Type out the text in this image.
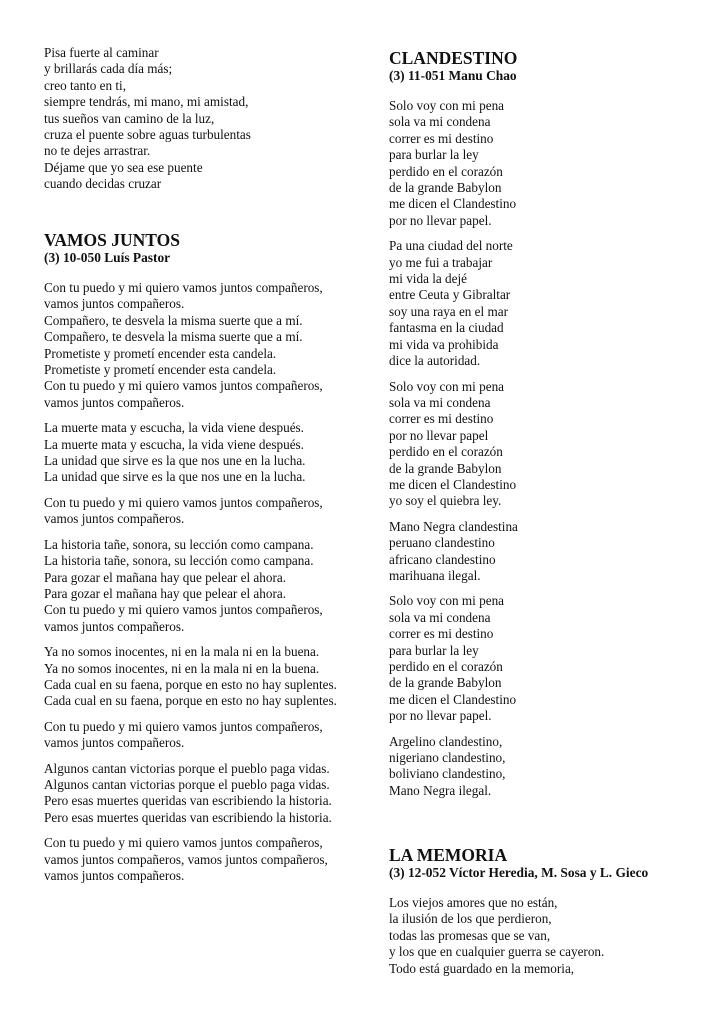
Pisa fuerte al caminar
y brillarás cada día más;
creo tanto en ti,
siempre tendrás, mi mano, mi amistad,
tus sueños van camino de la luz,
cruza el puente sobre aguas turbulentas
no te dejes arrastrar.
Déjame que yo sea ese puente
cuando decidas cruzar
VAMOS JUNTOS
(3) 10-050 Luís Pastor
Con tu puedo y mi quiero vamos juntos compañeros,
vamos juntos compañeros.
Compañero, te desvela la misma suerte que a mí.
Compañero, te desvela la misma suerte que a mí.
Prometiste y prometí encender esta candela.
Prometiste y prometí encender esta candela.
Con tu puedo y mi quiero vamos juntos compañeros,
vamos juntos compañeros.
La muerte mata y escucha, la vida viene después.
La muerte mata y escucha, la vida viene después.
La unidad que sirve es la que nos une en la lucha.
La unidad que sirve es la que nos une en la lucha.
Con tu puedo y mi quiero vamos juntos compañeros,
vamos juntos compañeros.
La historia tañe, sonora, su lección como campana.
La historia tañe, sonora, su lección como campana.
Para gozar el mañana hay que pelear el ahora.
Para gozar el mañana hay que pelear el ahora.
Con tu puedo y mi quiero vamos juntos compañeros,
vamos juntos compañeros.
Ya no somos inocentes, ni en la mala ni en la buena.
Ya no somos inocentes, ni en la mala ni en la buena.
Cada cual en su faena, porque en esto no hay suplentes.
Cada cual en su faena, porque en esto no hay suplentes.
Con tu puedo y mi quiero vamos juntos compañeros,
vamos juntos compañeros.
Algunos cantan victorias porque el pueblo paga vidas.
Algunos cantan victorias porque el pueblo paga vidas.
Pero esas muertes queridas van escribiendo la historia.
Pero esas muertes queridas van escribiendo la historia.
Con tu puedo y mi quiero vamos juntos compañeros,
vamos juntos compañeros, vamos juntos compañeros,
vamos juntos compañeros.
CLANDESTINO
(3) 11-051 Manu Chao
Solo voy con mi pena
sola va mi condena
correr es mi destino
para burlar la ley
perdido en el corazón
de la grande Babylon
me dicen el Clandestino
por no llevar papel.
Pa una ciudad del norte
yo me fui a trabajar
mi vida la dejé
entre Ceuta y Gibraltar
soy una raya en el mar
fantasma en la ciudad
mi vida va prohibida
dice la autoridad.
Solo voy con mi pena
sola va mi condena
correr es mi destino
por no llevar papel
perdido en el corazón
de la grande Babylon
me dicen el Clandestino
yo soy el quiebra ley.
Mano Negra clandestina
peruano clandestino
africano clandestino
marihuana ilegal.
Solo voy con mi pena
sola va mi condena
correr es mi destino
para burlar la ley
perdido en el corazón
de la grande Babylon
me dicen el Clandestino
por no llevar papel.
Argelino clandestino,
nigeriano clandestino,
boliviano clandestino,
Mano Negra ilegal.
LA MEMORIA
(3) 12-052 Víctor Heredia, M. Sosa y L. Gieco
Los viejos amores que no están,
la ilusión de los que perdieron,
todas las promesas que se van,
y los que en cualquier guerra se cayeron.
Todo está guardado en la memoria,
